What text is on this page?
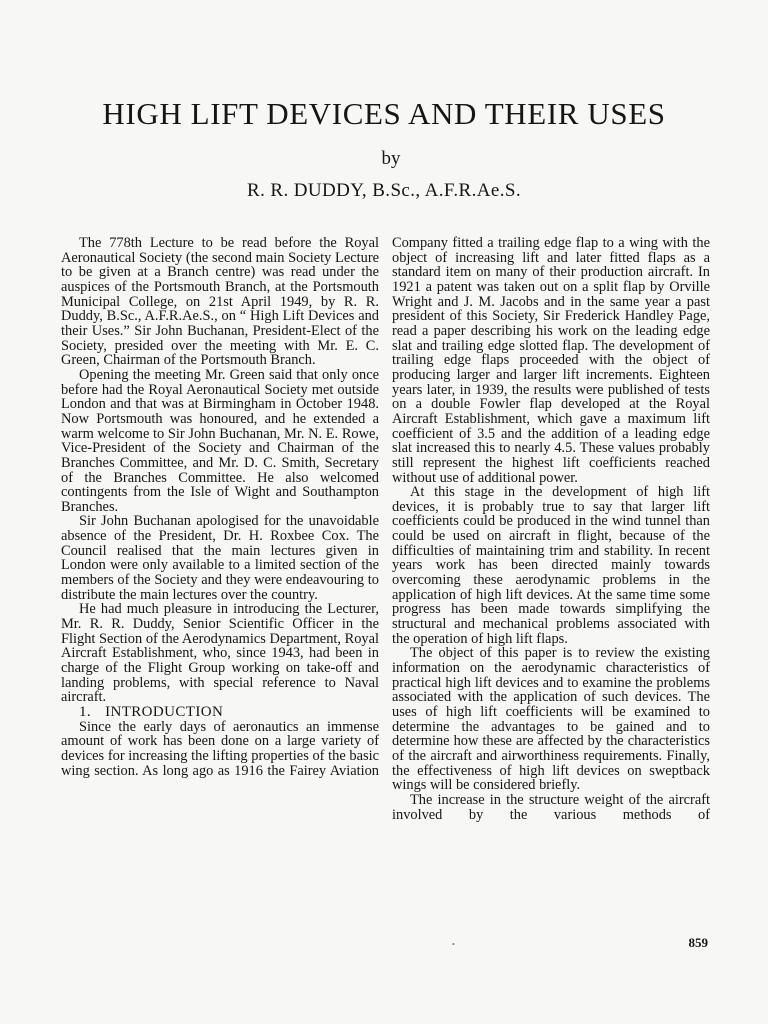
HIGH LIFT DEVICES AND THEIR USES
by
R. R. DUDDY, B.Sc., A.F.R.Ae.S.

The 778th Lecture to be read before the Royal Aeronautical Society (the second main Society Lecture to be given at a Branch centre) was read under the auspices of the Portsmouth Branch, at the Portsmouth Municipal College, on 21st April 1949, by R. R. Duddy, B.Sc., A.F.R.Ae.S., on “ High Lift Devices and their Uses.” Sir John Buchanan, President-Elect of the Society, presided over the meeting with Mr. E. C. Green, Chairman of the Portsmouth Branch.

Opening the meeting Mr. Green said that only once before had the Royal Aeronautical Society met outside London and that was at Birmingham in October 1948. Now Portsmouth was honoured, and he extended a warm welcome to Sir John Buchanan, Mr. N. E. Rowe, Vice-President of the Society and Chairman of the Branches Committee, and Mr. D. C. Smith, Secretary of the Branches Committee. He also welcomed contingents from the Isle of Wight and Southampton Branches.

Sir John Buchanan apologised for the unavoidable absence of the President, Dr. H. Roxbee Cox. The Council realised that the main lectures given in London were only available to a limited section of the members of the Society and they were endeavouring to distribute the main lectures over the country.

He had much pleasure in introducing the Lecturer, Mr. R. R. Duddy, Senior Scientific Officer in the Flight Section of the Aerodynamics Department, Royal Aircraft Establishment, who, since 1943, had been in charge of the Flight Group working on take-off and landing problems, with special reference to Naval aircraft.

1. INTRODUCTION

Since the early days of aeronautics an immense amount of work has been done on a large variety of devices for increasing the lifting properties of the basic wing section. As long ago as 1916 the Fairey Aviation

Company fitted a trailing edge flap to a wing with the object of increasing lift and later fitted flaps as a standard item on many of their production aircraft. In 1921 a patent was taken out on a split flap by Orville Wright and J. M. Jacobs and in the same year a past president of this Society, Sir Frederick Handley Page, read a paper describing his work on the leading edge slat and trailing edge slotted flap. The development of trailing edge flaps proceeded with the object of producing larger and larger lift increments. Eighteen years later, in 1939, the results were published of tests on a double Fowler flap developed at the Royal Aircraft Establishment, which gave a maximum lift coefficient of 3.5 and the addition of a leading edge slat increased this to nearly 4.5. These values probably still represent the highest lift coefficients reached without use of additional power.

At this stage in the development of high lift devices, it is probably true to say that larger lift coefficients could be produced in the wind tunnel than could be used on aircraft in flight, because of the difficulties of maintaining trim and stability. In recent years work has been directed mainly towards overcoming these aerodynamic problems in the application of high lift devices. At the same time some progress has been made towards simplifying the structural and mechanical problems associated with the operation of high lift flaps.

The object of this paper is to review the existing information on the aerodynamic characteristics of practical high lift devices and to examine the problems associated with the application of such devices. The uses of high lift coefficients will be examined to determine the advantages to be gained and to determine how these are affected by the characteristics of the aircraft and airworthiness requirements. Finally, the effectiveness of high lift devices on sweptback wings will be considered briefly.

The increase in the structure weight of the aircraft involved by the various methods of

•	859
